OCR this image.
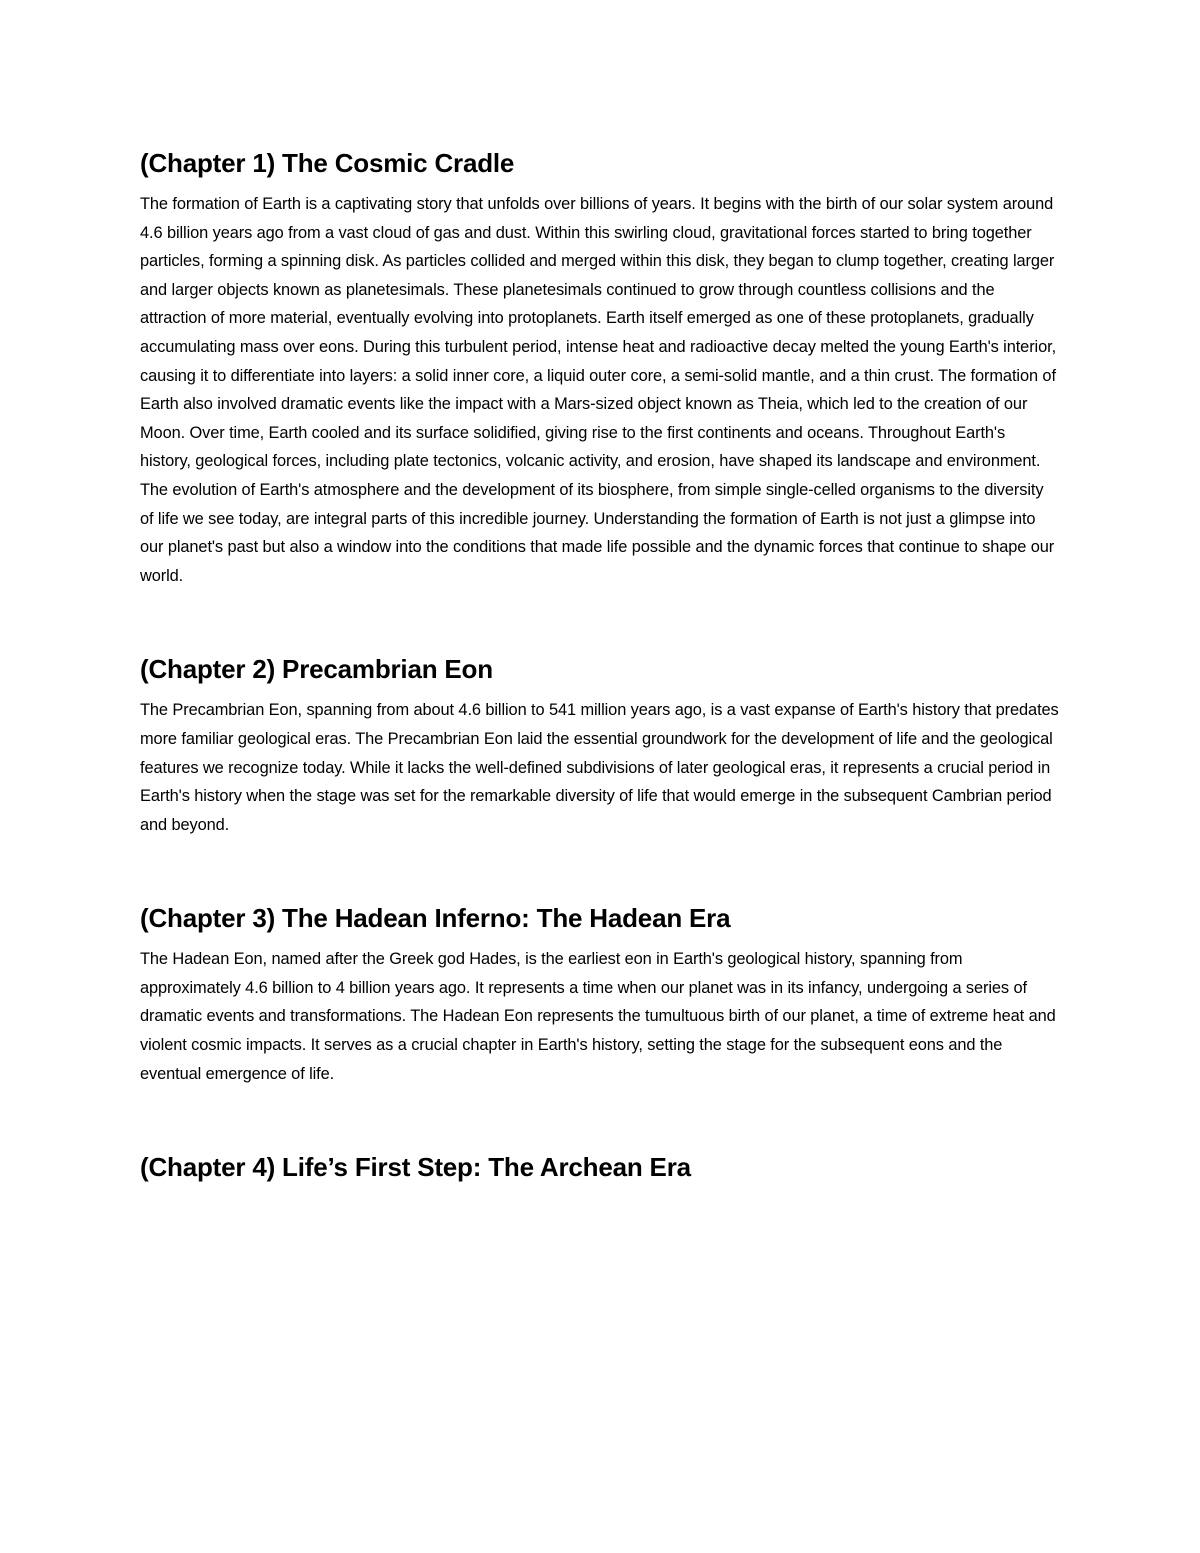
(Chapter 1) The Cosmic Cradle

The formation of Earth is a captivating story that unfolds over billions of years. It begins with the birth of our solar system around 4.6 billion years ago from a vast cloud of gas and dust. Within this swirling cloud, gravitational forces started to bring together particles, forming a spinning disk. As particles collided and merged within this disk, they began to clump together, creating larger and larger objects known as planetesimals. These planetesimals continued to grow through countless collisions and the attraction of more material, eventually evolving into protoplanets. Earth itself emerged as one of these protoplanets, gradually accumulating mass over eons. During this turbulent period, intense heat and radioactive decay melted the young Earth's interior, causing it to differentiate into layers: a solid inner core, a liquid outer core, a semi-solid mantle, and a thin crust. The formation of Earth also involved dramatic events like the impact with a Mars-sized object known as Theia, which led to the creation of our Moon. Over time, Earth cooled and its surface solidified, giving rise to the first continents and oceans. Throughout Earth's history, geological forces, including plate tectonics, volcanic activity, and erosion, have shaped its landscape and environment. The evolution of Earth's atmosphere and the development of its biosphere, from simple single-celled organisms to the diversity of life we see today, are integral parts of this incredible journey. Understanding the formation of Earth is not just a glimpse into our planet's past but also a window into the conditions that made life possible and the dynamic forces that continue to shape our world.

(Chapter 2) Precambrian Eon

The Precambrian Eon, spanning from about 4.6 billion to 541 million years ago, is a vast expanse of Earth's history that predates more familiar geological eras. The Precambrian Eon laid the essential groundwork for the development of life and the geological features we recognize today. While it lacks the well-defined subdivisions of later geological eras, it represents a crucial period in Earth's history when the stage was set for the remarkable diversity of life that would emerge in the subsequent Cambrian period and beyond.

(Chapter 3) The Hadean Inferno: The Hadean Era

The Hadean Eon, named after the Greek god Hades, is the earliest eon in Earth's geological history, spanning from approximately 4.6 billion to 4 billion years ago. It represents a time when our planet was in its infancy, undergoing a series of dramatic events and transformations. The Hadean Eon represents the tumultuous birth of our planet, a time of extreme heat and violent cosmic impacts. It serves as a crucial chapter in Earth's history, setting the stage for the subsequent eons and the eventual emergence of life.

(Chapter 4) Life’s First Step: The Archean Era
